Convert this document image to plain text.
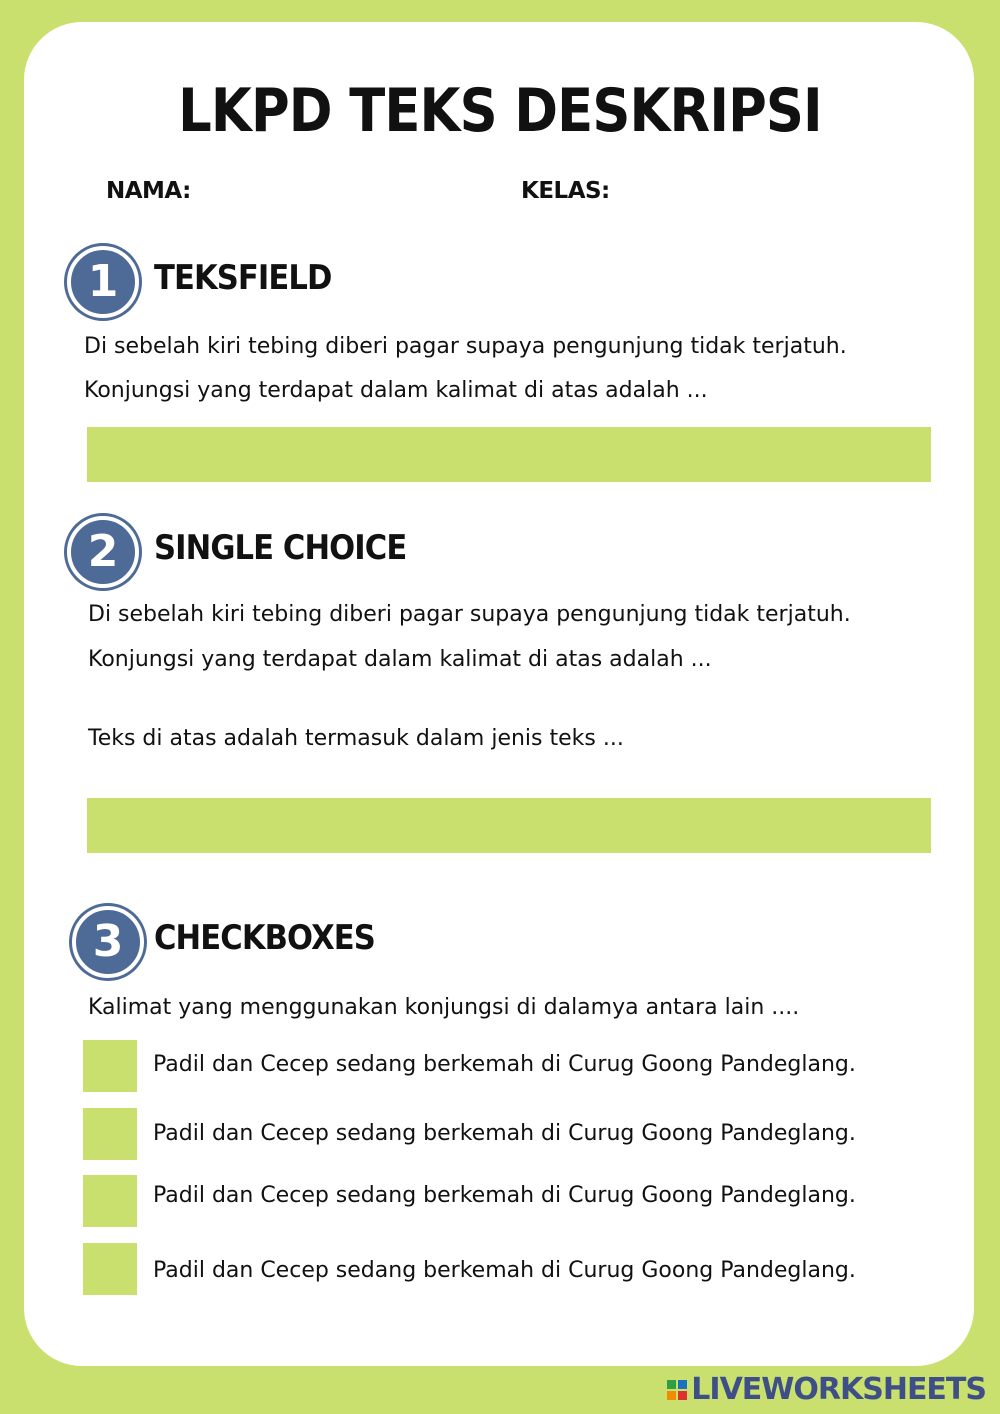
LKPD TEKS DESKRIPSI
NAMA:	KELAS:
1	TEKSFIELD
Di sebelah kiri tebing diberi pagar supaya pengunjung tidak terjatuh.
Konjungsi yang terdapat dalam kalimat di atas adalah ...
2	SINGLE CHOICE
Di sebelah kiri tebing diberi pagar supaya pengunjung tidak terjatuh.
Konjungsi yang terdapat dalam kalimat di atas adalah ...
Teks di atas adalah termasuk dalam jenis teks ...
3 CHECKBOXES
Kalimat yang menggunakan konjungsi di dalamya antara lain ....
Padil dan Cecep sedang berkemah di Curug Goong Pandeglang.
Padil dan Cecep sedang berkemah di Curug Goong Pandeglang.
Padil dan Cecep sedang berkemah di Curug Goong Pandeglang.
Padil dan Cecep sedang berkemah di Curug Goong Pandeglang.
LIVEWORKSHEETS
